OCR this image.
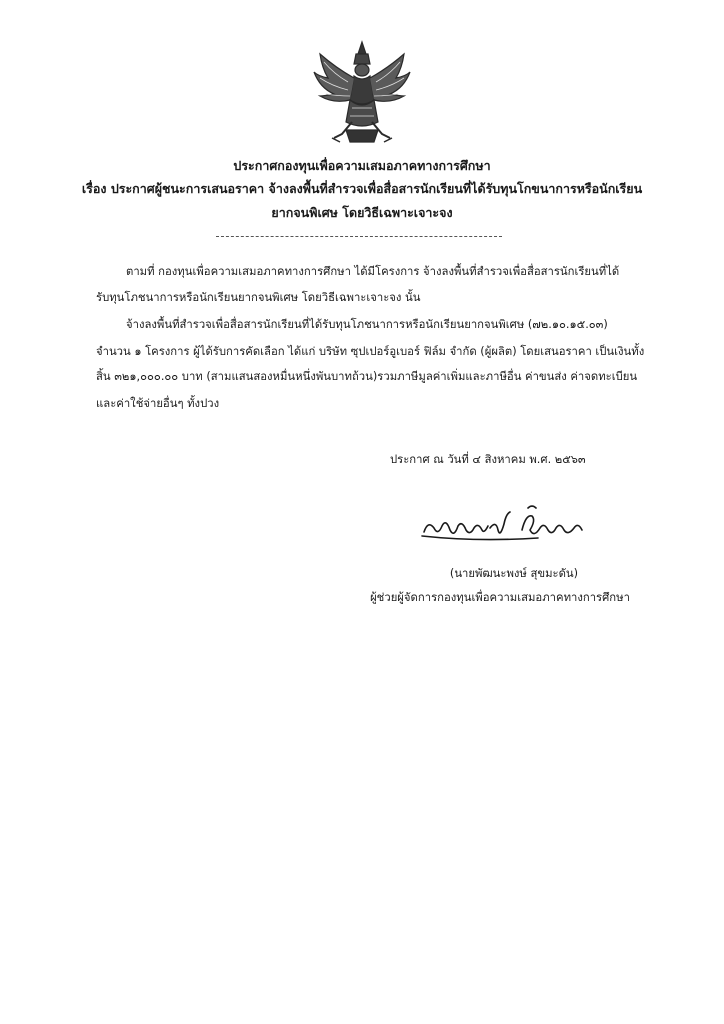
ประกาศกองทุนเพื่อความเสมอภาคทางการศึกษา
เรื่อง ประกาศผู้ชนะการเสนอราคา จ้างลงพื้นที่สำรวจเพื่อสื่อสารนักเรียนที่ได้รับทุนโกขนาการหรือนักเรียน
ยากจนพิเศษ โดยวิธีเฉพาะเจาะจง
ตามที่ กองทุนเพื่อความเสมอภาคทางการศึกษา ได้มีโครงการ จ้างลงพื้นที่สำรวจเพื่อสื่อสารนักเรียนที่ได้
รับทุนโภชนาการหรือนักเรียนยากจนพิเศษ โดยวิธีเฉพาะเจาะจง นั้น
จ้างลงพื้นที่สำรวจเพื่อสื่อสารนักเรียนที่ได้รับทุนโภชนาการหรือนักเรียนยากจนพิเศษ (๗๒.๑๐.๑๕.๐๓)
จำนวน ๑ โครงการ ผู้ได้รับการคัดเลือก ได้แก่ บริษัท ซุปเปอร์อูเบอร์ ฟิล์ม จำกัด (ผู้ผลิต) โดยเสนอราคา เป็นเงินทั้ง
สิ้น ๓๒๑,๐๐๐.๐๐ บาท (สามแสนสองหมื่นหนึ่งพันบาทถ้วน)รวมภาษีมูลค่าเพิ่มและภาษีอื่น ค่าขนส่ง ค่าจดทะเบียน
และค่าใช้จ่ายอื่นๆ ทั้งปวง
ประกาศ ณ วันที่ ๔ สิงหาคม พ.ศ. ๒๕๖๓
(นายพัฒนะพงษ์ สุขมะดัน)
ผู้ช่วยผู้จัดการกองทุนเพื่อความเสมอภาคทางการศึกษา
